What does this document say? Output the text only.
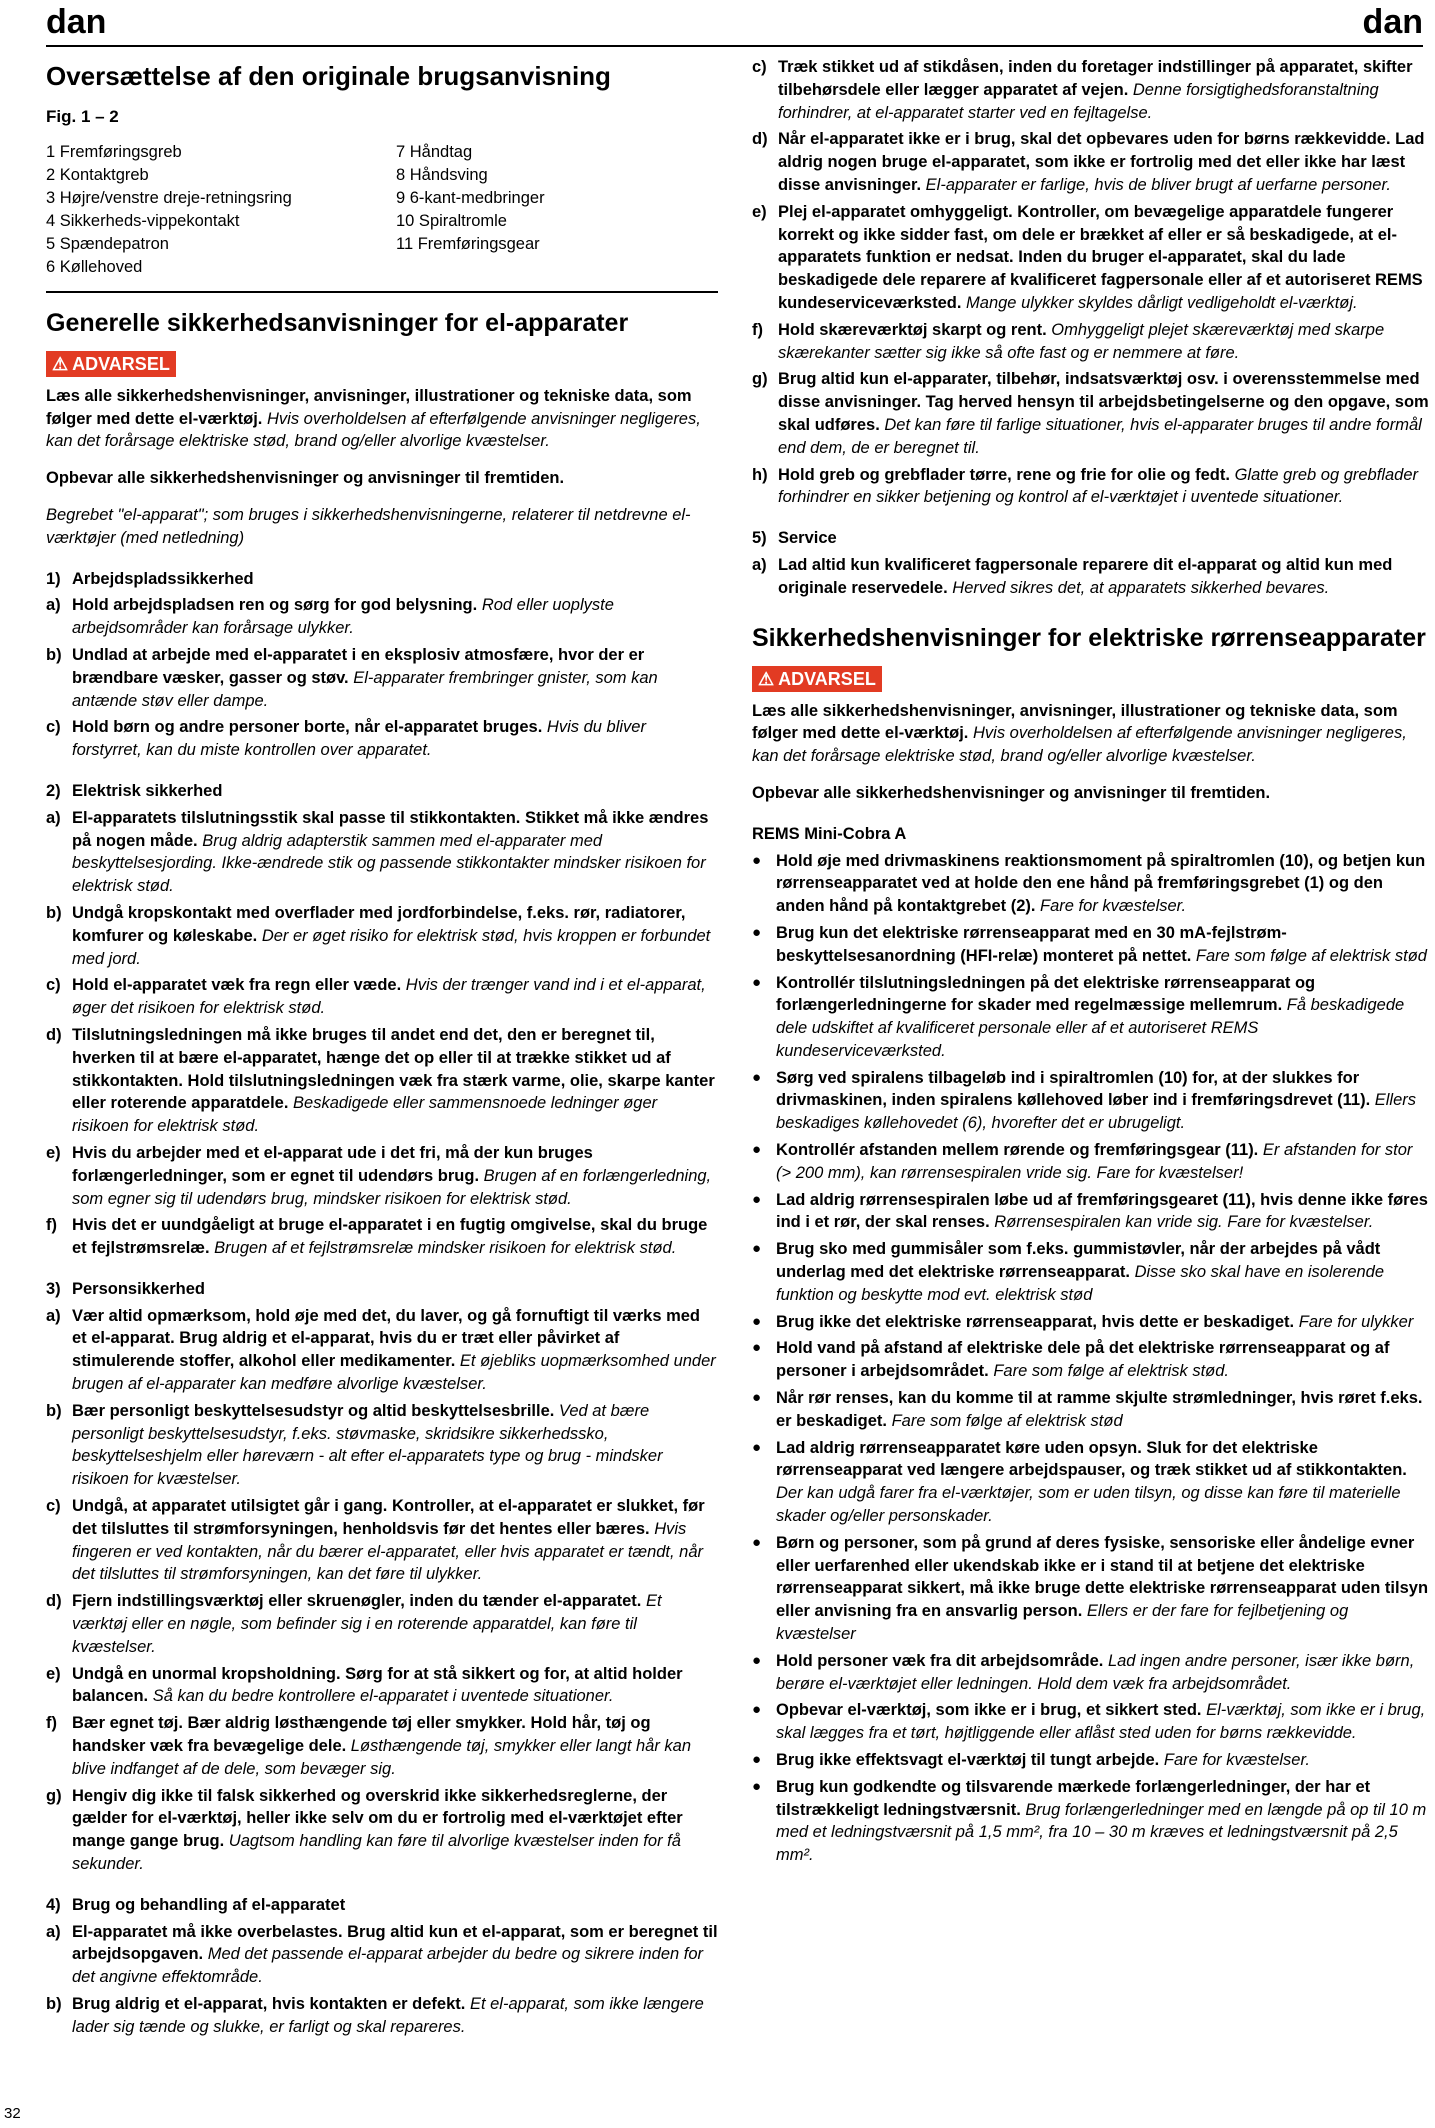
dan	dan
Oversættelse af den originale brugsanvisning
Fig. 1 – 2
1 Fremføringsgreb
2 Kontaktgreb
3 Højre/venstre dreje-retningsring
4 Sikkerheds-vippekontakt
5 Spændepatron
6 Køllehoved
7 Håndtag
8 Håndsving
9 6-kant-medbringer
10 Spiraltromle
11 Fremføringsgear
Generelle sikkerhedsanvisninger for el-apparater
⚠ ADVARSEL

Læs alle sikkerhedshenvisninger, anvisninger, illustrationer og tekniske data, som følger med dette el-værktøj. Hvis overholdelsen af efterfølgende anvisninger negligeres, kan det forårsage elektriske stød, brand og/eller alvorlige kvæstelser.

Opbevar alle sikkerhedshenvisninger og anvisninger til fremtiden.

Begrebet "el-apparat"; som bruges i sikkerhedshenvisningerne, relaterer til netdrevne el-værktøjer (med netledning)

1) Arbejdspladssikkerhed
a) Hold arbejdspladsen ren og sørg for god belysning. Rod eller uoplyste arbejdsområder kan forårsage ulykker.
b) Undlad at arbejde med el-apparatet i en eksplosiv atmosfære, hvor der er brændbare væsker, gasser og støv. El-apparater frembringer gnister, som kan antænde støv eller dampe.
c) Hold børn og andre personer borte, når el-apparatet bruges. Hvis du bliver forstyrret, kan du miste kontrollen over apparatet.
2) Elektrisk sikkerhed
a) El-apparatets tilslutningsstik skal passe til stikkontakten. Stikket må ikke ændres på nogen måde. Brug aldrig adapterstik sammen med el-apparater med beskyttelsesjording. Ikke-ændrede stik og passende stikkontakter mindsker risikoen for elektrisk stød.
b) Undgå kropskontakt med overflader med jordforbindelse, f.eks. rør, radiatorer, komfurer og køleskabe. Der er øget risiko for elektrisk stød, hvis kroppen er forbundet med jord.
c) Hold el-apparatet væk fra regn eller væde. Hvis der trænger vand ind i et el-apparat, øger det risikoen for elektrisk stød.
d) Tilslutningsledningen må ikke bruges til andet end det, den er beregnet til, hverken til at bære el-apparatet, hænge det op eller til at trække stikket ud af stikkontakten. Hold tilslutningsledningen væk fra stærk varme, olie, skarpe kanter eller roterende apparatdele. Beskadigede eller sammensnoede ledninger øger risikoen for elektrisk stød.
e) Hvis du arbejder med et el-apparat ude i det fri, må der kun bruges forlængerledninger, som er egnet til udendørs brug. Brugen af en forlængerledning, som egner sig til udendørs brug, mindsker risikoen for elektrisk stød.
f) Hvis det er uundgåeligt at bruge el-apparatet i en fugtig omgivelse, skal du bruge et fejlstrømsrelæ. Brugen af et fejlstrømsrelæ mindsker risikoen for elektrisk stød.
3) Personsikkerhed
a) Vær altid opmærksom, hold øje med det, du laver, og gå fornuftigt til værks med et el-apparat. Brug aldrig et el-apparat, hvis du er træt eller påvirket af stimulerende stoffer, alkohol eller medikamenter. Et øjebliks uopmærksomhed under brugen af el-apparater kan medføre alvorlige kvæstelser.
b) Bær personligt beskyttelsesudstyr og altid beskyttelsesbrille. Ved at bære personligt beskyttelsesudstyr, f.eks. støvmaske, skridsikre sikkerhedssko, beskyttelseshjelm eller høreværn - alt efter el-apparatets type og brug - mindsker risikoen for kvæstelser.
c) Undgå, at apparatet utilsigtet går i gang. Kontroller, at el-apparatet er slukket, før det tilsluttes til strømforsyningen, henholdsvis før det hentes eller bæres. Hvis fingeren er ved kontakten, når du bærer el-apparatet, eller hvis apparatet er tændt, når det tilsluttes til strømforsyningen, kan det føre til ulykker.
d) Fjern indstillingsværktøj eller skruenøgler, inden du tænder el-apparatet. Et værktøj eller en nøgle, som befinder sig i en roterende apparatdel, kan føre til kvæstelser.
e) Undgå en unormal kropsholdning. Sørg for at stå sikkert og for, at altid holder balancen. Så kan du bedre kontrollere el-apparatet i uventede situationer.
f) Bær egnet tøj. Bær aldrig løsthængende tøj eller smykker. Hold hår, tøj og handsker væk fra bevægelige dele. Løsthængende tøj, smykker eller langt hår kan blive indfanget af de dele, som bevæger sig.
g) Hengiv dig ikke til falsk sikkerhed og overskrid ikke sikkerhedsreglerne, der gælder for el-værktøj, heller ikke selv om du er fortrolig med el-værktøjet efter mange gange brug. Uagtsom handling kan føre til alvorlige kvæstelser inden for få sekunder.
4) Brug og behandling af el-apparatet
a) El-apparatet må ikke overbelastes. Brug altid kun et el-apparat, som er beregnet til arbejdsopgaven. Med det passende el-apparat arbejder du bedre og sikrere inden for det angivne effektområde.
b) Brug aldrig et el-apparat, hvis kontakten er defekt. Et el-apparat, som ikke længere lader sig tænde og slukke, er farligt og skal repareres.
c) Træk stikket ud af stikdåsen, inden du foretager indstillinger på apparatet, skifter tilbehørsdele eller lægger apparatet af vejen. Denne forsigtighedsforanstaltning forhindrer, at el-apparatet starter ved en fejltagelse.
d) Når el-apparatet ikke er i brug, skal det opbevares uden for børns rækkevidde. Lad aldrig nogen bruge el-apparatet, som ikke er fortrolig med det eller ikke har læst disse anvisninger. El-apparater er farlige, hvis de bliver brugt af uerfarne personer.
e) Plej el-apparatet omhyggeligt. Kontroller, om bevægelige apparatdele fungerer korrekt og ikke sidder fast, om dele er brækket af eller er så beskadigede, at el-apparatets funktion er nedsat. Inden du bruger el-apparatet, skal du lade beskadigede dele reparere af kvalificeret fagpersonale eller af et autoriseret REMS kundeserviceværksted. Mange ulykker skyldes dårligt vedligeholdt el-værktøj.
f) Hold skæreværktøj skarpt og rent. Omhyggeligt plejet skæreværktøj med skarpe skærekanter sætter sig ikke så ofte fast og er nemmere at føre.
g) Brug altid kun el-apparater, tilbehør, indsatsværktøj osv. i overensstemmelse med disse anvisninger. Tag herved hensyn til arbejdsbetingelserne og den opgave, som skal udføres. Det kan føre til farlige situationer, hvis el-apparater bruges til andre formål end dem, de er beregnet til.
h) Hold greb og grebflader tørre, rene og frie for olie og fedt. Glatte greb og grebflader forhindrer en sikker betjening og kontrol af el-værktøjet i uventede situationer.
5) Service
a) Lad altid kun kvalificeret fagpersonale reparere dit el-apparat og altid kun med originale reservedele. Herved sikres det, at apparatets sikkerhed bevares.
Sikkerhedshenvisninger for elektriske rørrenseapparater
⚠ ADVARSEL

Læs alle sikkerhedshenvisninger, anvisninger, illustrationer og tekniske data, som følger med dette el-værktøj. Hvis overholdelsen af efterfølgende anvisninger negligeres, kan det forårsage elektriske stød, brand og/eller alvorlige kvæstelser.

Opbevar alle sikkerhedshenvisninger og anvisninger til fremtiden.

REMS Mini-Cobra A
● Hold øje med drivmaskinens reaktionsmoment på spiraltromlen (10), og betjen kun rørrenseapparatet ved at holde den ene hånd på fremføringsgrebet (1) og den anden hånd på kontaktgrebet (2). Fare for kvæstelser.
● Brug kun det elektriske rørrenseapparat med en 30 mA-fejlstrøm-beskyttelsesanordning (HFI-relæ) monteret på nettet. Fare som følge af elektrisk stød
● Kontrollér tilslutningsledningen på det elektriske rørrenseapparat og forlængerledningerne for skader med regelmæssige mellemrum. Få beskadigede dele udskiftet af kvalificeret personale eller af et autoriseret REMS kundeserviceværksted.
● Sørg ved spiralens tilbageløb ind i spiraltromlen (10) for, at der slukkes for drivmaskinen, inden spiralens køllehoved løber ind i fremføringsdrevet (11). Ellers beskadiges køllehovedet (6), hvorefter det er ubrugeligt.
● Kontrollér afstanden mellem rørende og fremføringsgear (11). Er afstanden for stor (> 200 mm), kan rørrensespiralen vride sig. Fare for kvæstelser!
● Lad aldrig rørrensespiralen løbe ud af fremføringsgearet (11), hvis denne ikke føres ind i et rør, der skal renses. Rørrensespiralen kan vride sig. Fare for kvæstelser.
● Brug sko med gummisåler som f.eks. gummistøvler, når der arbejdes på vådt underlag med det elektriske rørrenseapparat. Disse sko skal have en isolerende funktion og beskytte mod evt. elektrisk stød
● Brug ikke det elektriske rørrenseapparat, hvis dette er beskadiget. Fare for ulykker
● Hold vand på afstand af elektriske dele på det elektriske rørrenseapparat og af personer i arbejdsområdet. Fare som følge af elektrisk stød.
● Når rør renses, kan du komme til at ramme skjulte strømledninger, hvis røret f.eks. er beskadiget. Fare som følge af elektrisk stød
● Lad aldrig rørrenseapparatet køre uden opsyn. Sluk for det elektriske rørrenseapparat ved længere arbejdspauser, og træk stikket ud af stikkontakten. Der kan udgå farer fra el-værktøjer, som er uden tilsyn, og disse kan føre til materielle skader og/eller personskader.
● Børn og personer, som på grund af deres fysiske, sensoriske eller åndelige evner eller uerfarenhed eller ukendskab ikke er i stand til at betjene det elektriske rørrenseapparat sikkert, må ikke bruge dette elektriske rørrenseapparat uden tilsyn eller anvisning fra en ansvarlig person. Ellers er der fare for fejlbetjening og kvæstelser
● Hold personer væk fra dit arbejdsområde. Lad ingen andre personer, især ikke børn, berøre el-værktøjet eller ledningen. Hold dem væk fra arbejdsområdet.
● Opbevar el-værktøj, som ikke er i brug, et sikkert sted. El-værktøj, som ikke er i brug, skal lægges fra et tørt, højtliggende eller aflåst sted uden for børns rækkevidde.
● Brug ikke effektsvagt el-værktøj til tungt arbejde. Fare for kvæstelser.
● Brug kun godkendte og tilsvarende mærkede forlængerledninger, der har et tilstrækkeligt ledningstværsnit. Brug forlængerledninger med en længde på op til 10 m med et ledningstværsnit på 1,5 mm², fra 10 – 30 m kræves et ledningstværsnit på 2,5 mm².
32
